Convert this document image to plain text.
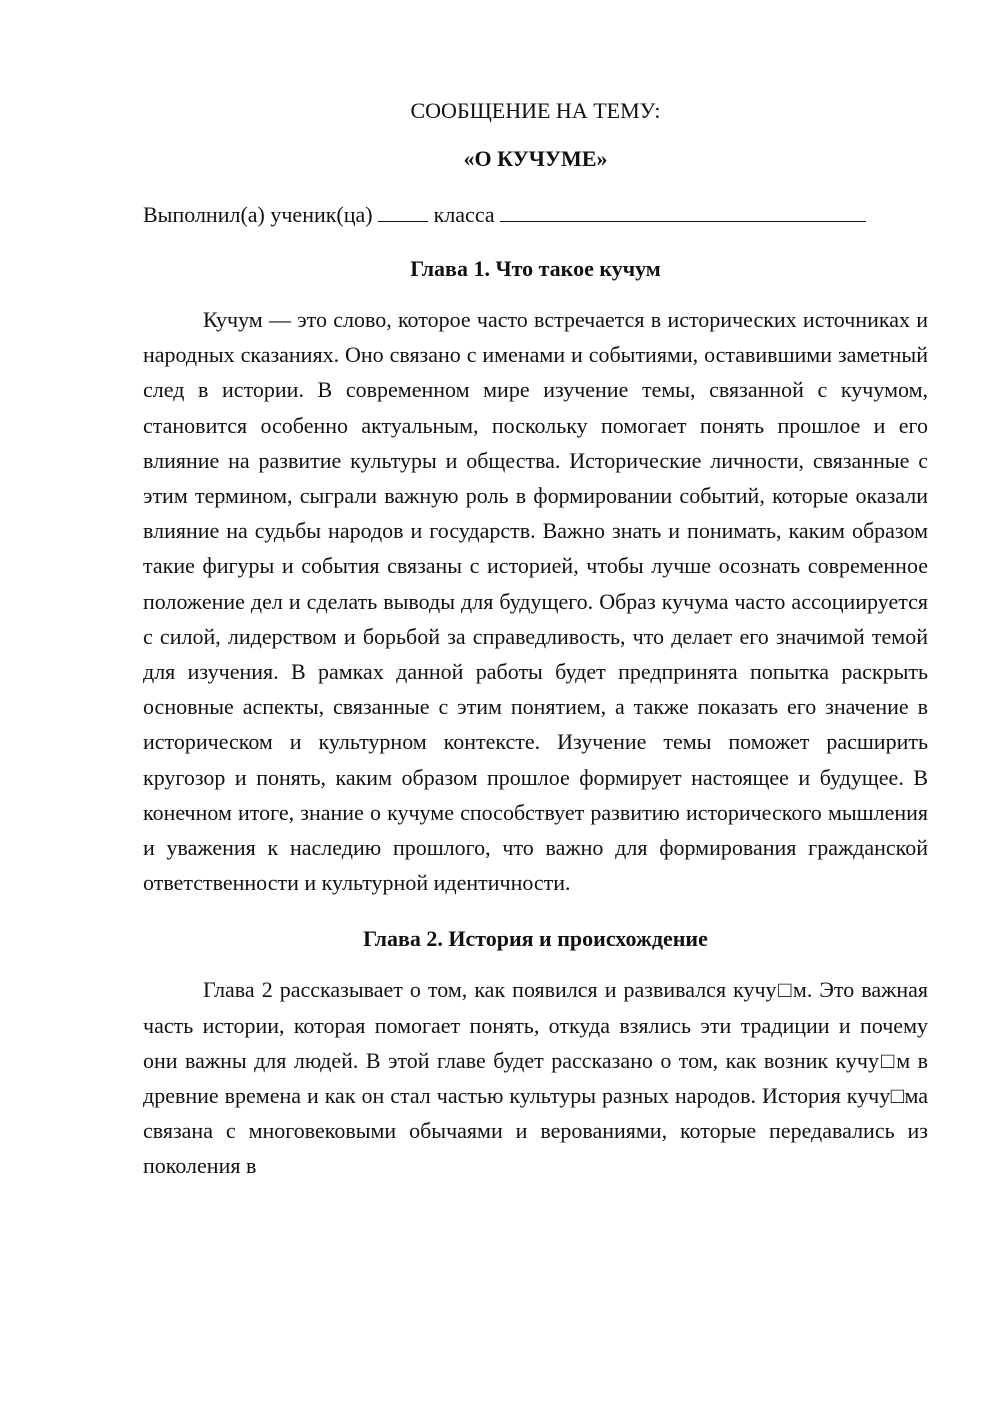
СООБЩЕНИЕ НА ТЕМУ:

«О КУЧУМЕ»

Выполнил(а) ученик(ца)	класса
Глава 1. Что такое кучум

Кучум — это слово, которое часто встречается в исторических источниках и народных сказаниях. Оно связано с именами и событиями, оставившими заметный след в истории. В современном мире изучение темы, связанной с кучумом, становится особенно актуальным, поскольку помогает понять прошлое и его влияние на развитие культуры и общества. Исторические личности, связанные с этим термином, сыграли важную роль в формировании событий, которые оказали влияние на судьбы народов и государств. Важно знать и понимать, каким образом такие фигуры и события связаны с историей, чтобы лучше осознать современное положение дел и сделать выводы для будущего. Образ кучума часто ассоциируется с силой, лидерством и борьбой за справедливость, что делает его значимой темой для изучения. В рамках данной работы будет предпринята попытка раскрыть основные аспекты, связанные с этим понятием, а также показать его значение в историческом и культурном контексте. Изучение темы поможет расширить кругозор и понять, каким образом прошлое формирует настоящее и будущее. В конечном итоге, знание о кучуме способствует развитию исторического мышления и уважения к наследию прошлого, что важно для формирования гражданской ответственности и культурной идентичности.

Глава 2. История и происхождение

Глава 2 рассказывает о том, как появился и развивался кучу□м. Это важная часть истории, которая помогает понять, откуда взялись эти традиции и почему они важны для людей. В этой главе будет рассказано о том, как возник кучу□м в древние времена и как он стал частью культуры разных народов. История кучу□ма связана с многовековыми обычаями и верованиями, которые передавались из поколения в
